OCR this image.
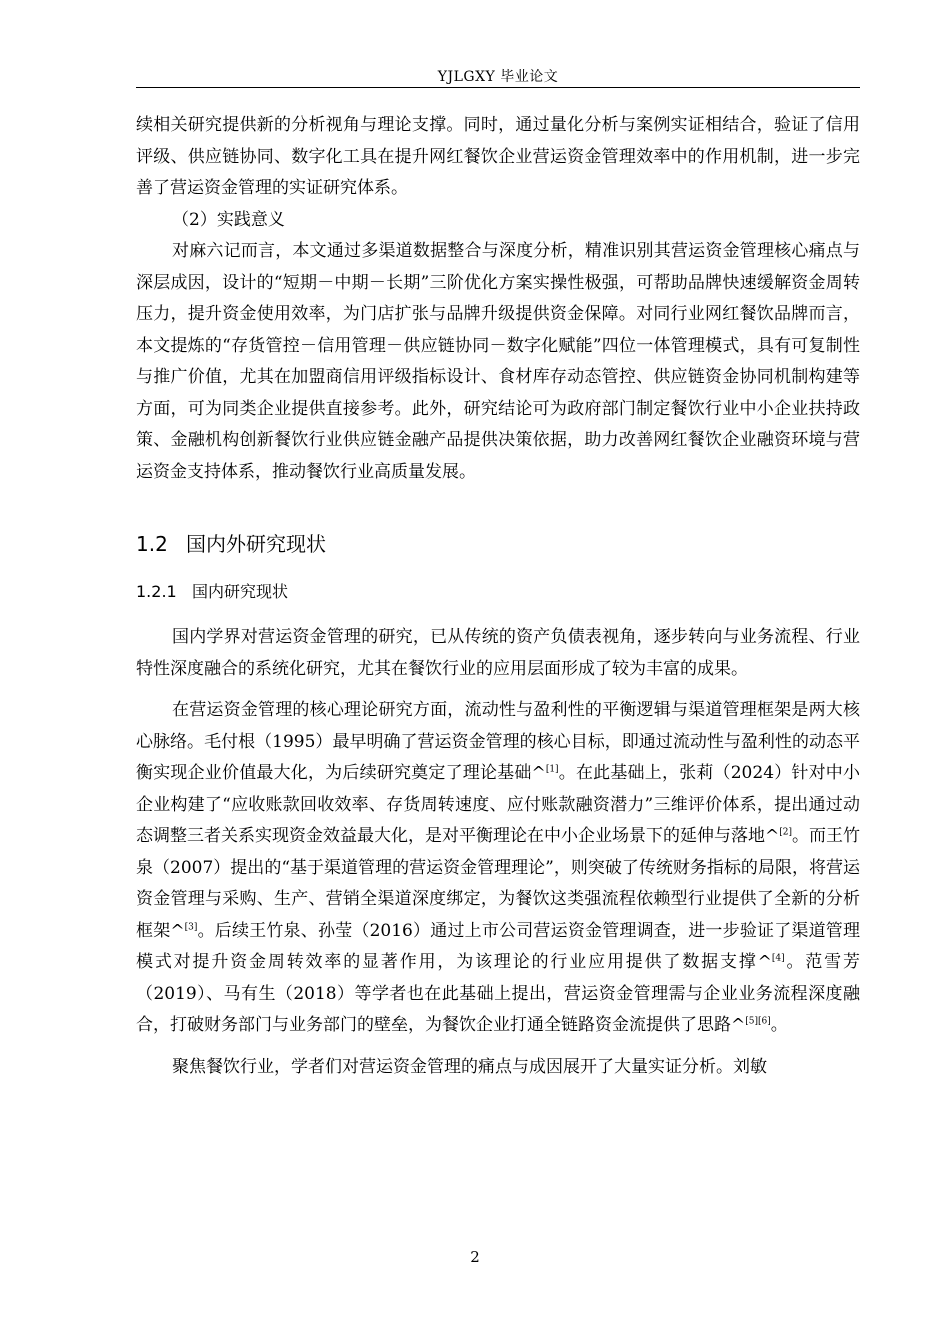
YJLGXY 毕业论文

续相关研究提供新的分析视角与理论支撑。同时，通过量化分析与案例实证相结合，验证了信用评级、供应链协同、数字化工具在提升网红餐饮企业营运资金管理效率中的作用机制，进一步完善了营运资金管理的实证研究体系。

（2）实践意义

对麻六记而言，本文通过多渠道数据整合与深度分析，精准识别其营运资金管理核心痛点与深层成因，设计的“短期－中期－长期”三阶优化方案实操性极强，可帮助品牌快速缓解资金周转压力，提升资金使用效率，为门店扩张与品牌升级提供资金保障。对同行业网红餐饮品牌而言，本文提炼的“存货管控－信用管理－供应链协同－数字化赋能”四位一体管理模式，具有可复制性与推广价值，尤其在加盟商信用评级指标设计、食材库存动态管控、供应链资金协同机制构建等方面，可为同类企业提供直接参考。此外，研究结论可为政府部门制定餐饮行业中小企业扶持政策、金融机构创新餐饮行业供应链金融产品提供决策依据，助力改善网红餐饮企业融资环境与营运资金支持体系，推动餐饮行业高质量发展。

1.2 国内外研究现状
1.2.1 国内研究现状

国内学界对营运资金管理的研究，已从传统的资产负债表视角，逐步转向与业务流程、行业特性深度融合的系统化研究，尤其在餐饮行业的应用层面形成了较为丰富的成果。

在营运资金管理的核心理论研究方面，流动性与盈利性的平衡逻辑与渠道管理框架是两大核心脉络。毛付根（1995）最早明确了营运资金管理的核心目标，即通过流动性与盈利性的动态平衡实现企业价值最大化，为后续研究奠定了理论基础^[1]。在此基础上，张莉（2024）针对中小企业构建了“应收账款回收效率、存货周转速度、应付账款融资潜力”三维评价体系，提出通过动态调整三者关系实现资金效益最大化，是对平衡理论在中小企业场景下的延伸与落地^[2]。而王竹泉（2007）提出的“基于渠道管理的营运资金管理理论”，则突破了传统财务指标的局限，将营运资金管理与采购、生产、营销全渠道深度绑定，为餐饮这类强流程依赖型行业提供了全新的分析框架^[3]。后续王竹泉、孙莹（2016）通过上市公司营运资金管理调查，进一步验证了渠道管理模式对提升资金周转效率的显著作用，为该理论的行业应用提供了数据支撑^[4]。范雪芳（2019）、马有生（2018）等学者也在此基础上提出，营运资金管理需与企业业务流程深度融合，打破财务部门与业务部门的壁垒，为餐饮企业打通全链路资金流提供了思路^[5][6]。

聚焦餐饮行业，学者们对营运资金管理的痛点与成因展开了大量实证分析。刘敏

2
